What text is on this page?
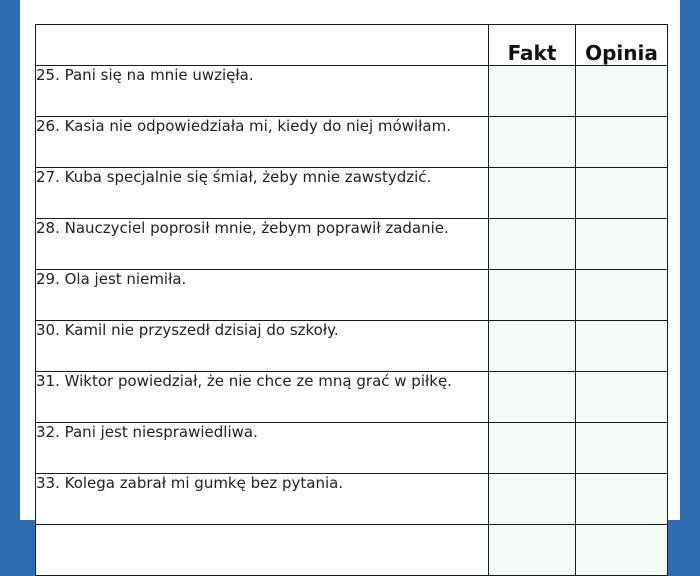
	Fakt	Opinia
25. Pani się na mnie uwzięła.		
26. Kasia nie odpowiedziała mi, kiedy do niej mówiłam.		
27. Kuba specjalnie się śmiał, żeby mnie zawstydzić.		
28. Nauczyciel poprosił mnie, żebym poprawił zadanie.		
29. Ola jest niemiła.		
30. Kamil nie przyszedł dzisiaj do szkoły.		
31. Wiktor powiedział, że nie chce ze mną grać w piłkę.		
32. Pani jest niesprawiedliwa.		
33. Kolega zabrał mi gumkę bez pytania.		
